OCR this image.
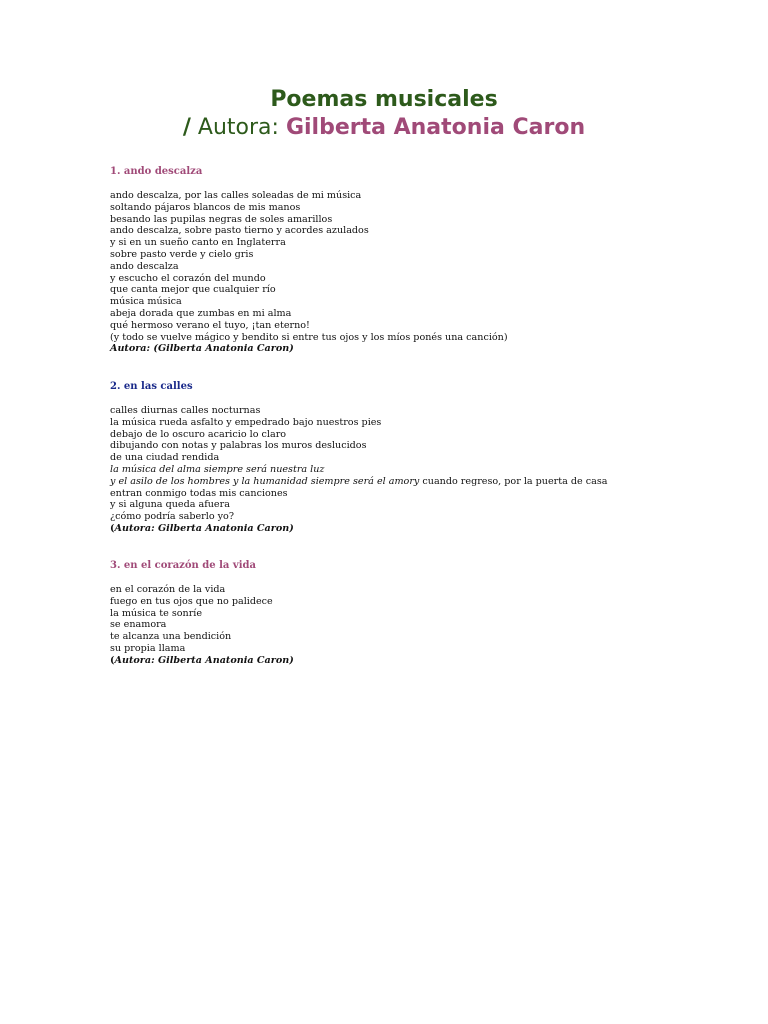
Poemas musicales
/ Autora: Gilberta Anatonia Caron
1. ando descalza
ando descalza, por las calles soleadas de mi música
soltando pájaros blancos de mis manos
besando las pupilas negras de soles amarillos
ando descalza, sobre pasto tierno y acordes azulados
y si en un sueño canto en Inglaterra
sobre pasto verde y cielo gris
ando descalza
y escucho el corazón del mundo
que canta mejor que cualquier río
música música
abeja dorada que zumbas en mi alma
qué hermoso verano el tuyo, ¡tan eterno!
(y todo se vuelve mágico y bendito si entre tus ojos y los míos ponés una canción)
Autora: (Gilberta Anatonia Caron)
2. en las calles
calles diurnas calles nocturnas
la música rueda asfalto y empedrado bajo nuestros pies
debajo de lo oscuro acaricio lo claro
dibujando con notas y palabras los muros deslucidos
de una ciudad rendida
la música del alma siempre será nuestra luz
y el asilo de los hombres y la humanidad siempre será el amory cuando regreso, por la puerta de casa
entran conmigo todas mis canciones
y si alguna queda afuera
¿cómo podría saberlo yo?
(Autora: Gilberta Anatonia Caron)
3. en el corazón de la vida
en el corazón de la vida
fuego en tus ojos que no palidece
la música te sonríe
se enamora
te alcanza una bendición
su propia llama
(Autora: Gilberta Anatonia Caron)
